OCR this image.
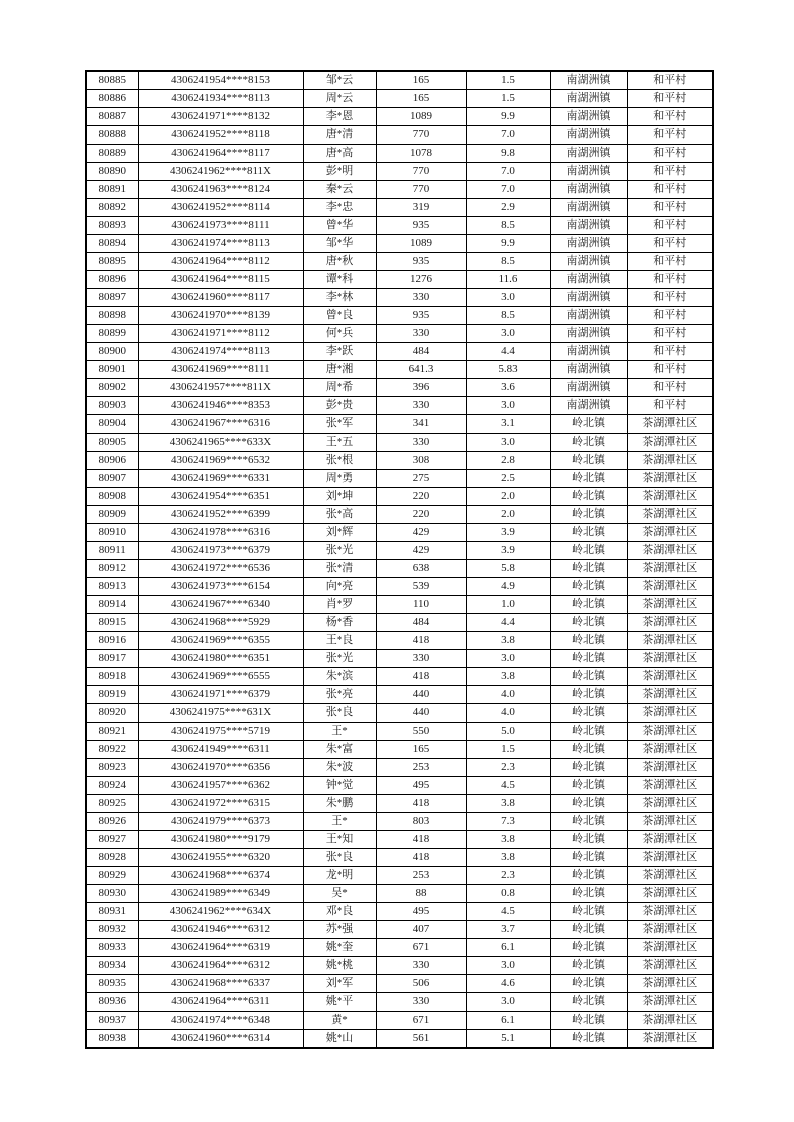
80885	4306241954****8153	邹*云	165	1.5	南湖洲镇	和平村
80886	4306241934****8113	周*云	165	1.5	南湖洲镇	和平村
80887	4306241971****8132	李*恩	1089	9.9	南湖洲镇	和平村
80888	4306241952****8118	唐*清	770	7.0	南湖洲镇	和平村
80889	4306241964****8117	唐*高	1078	9.8	南湖洲镇	和平村
80890	4306241962****811X	彭*明	770	7.0	南湖洲镇	和平村
80891	4306241963****8124	秦*云	770	7.0	南湖洲镇	和平村
80892	4306241952****8114	李*忠	319	2.9	南湖洲镇	和平村
80893	4306241973****8111	曾*华	935	8.5	南湖洲镇	和平村
80894	4306241974****8113	邹*华	1089	9.9	南湖洲镇	和平村
80895	4306241964****8112	唐*秋	935	8.5	南湖洲镇	和平村
80896	4306241964****8115	谭*科	1276	11.6	南湖洲镇	和平村
80897	4306241960****8117	李*林	330	3.0	南湖洲镇	和平村
80898	4306241970****8139	曾*良	935	8.5	南湖洲镇	和平村
80899	4306241971****8112	何*兵	330	3.0	南湖洲镇	和平村
80900	4306241974****8113	李*跃	484	4.4	南湖洲镇	和平村
80901	4306241969****8111	唐*湘	641.3	5.83	南湖洲镇	和平村
80902	4306241957****811X	周*希	396	3.6	南湖洲镇	和平村
80903	4306241946****8353	彭*贵	330	3.0	南湖洲镇	和平村
80904	4306241967****6316	张*军	341	3.1	岭北镇	茶湖潭社区
80905	4306241965****633X	王*五	330	3.0	岭北镇	茶湖潭社区
80906	4306241969****6532	张*根	308	2.8	岭北镇	茶湖潭社区
80907	4306241969****6331	周*勇	275	2.5	岭北镇	茶湖潭社区
80908	4306241954****6351	刘*坤	220	2.0	岭北镇	茶湖潭社区
80909	4306241952****6399	张*高	220	2.0	岭北镇	茶湖潭社区
80910	4306241978****6316	刘*辉	429	3.9	岭北镇	茶湖潭社区
80911	4306241973****6379	张*光	429	3.9	岭北镇	茶湖潭社区
80912	4306241972****6536	张*清	638	5.8	岭北镇	茶湖潭社区
80913	4306241973****6154	向*亮	539	4.9	岭北镇	茶湖潭社区
80914	4306241967****6340	肖*罗	110	1.0	岭北镇	茶湖潭社区
80915	4306241968****5929	杨*香	484	4.4	岭北镇	茶湖潭社区
80916	4306241969****6355	王*良	418	3.8	岭北镇	茶湖潭社区
80917	4306241980****6351	张*光	330	3.0	岭北镇	茶湖潭社区
80918	4306241969****6555	朱*滨	418	3.8	岭北镇	茶湖潭社区
80919	4306241971****6379	张*亮	440	4.0	岭北镇	茶湖潭社区
80920	4306241975****631X	张*良	440	4.0	岭北镇	茶湖潭社区
80921	4306241975****5719	王*	550	5.0	岭北镇	茶湖潭社区
80922	4306241949****6311	朱*富	165	1.5	岭北镇	茶湖潭社区
80923	4306241970****6356	朱*波	253	2.3	岭北镇	茶湖潭社区
80924	4306241957****6362	钟*觉	495	4.5	岭北镇	茶湖潭社区
80925	4306241972****6315	朱*鹏	418	3.8	岭北镇	茶湖潭社区
80926	4306241979****6373	王*	803	7.3	岭北镇	茶湖潭社区
80927	4306241980****9179	王*知	418	3.8	岭北镇	茶湖潭社区
80928	4306241955****6320	张*良	418	3.8	岭北镇	茶湖潭社区
80929	4306241968****6374	龙*明	253	2.3	岭北镇	茶湖潭社区
80930	4306241989****6349	吴*	88	0.8	岭北镇	茶湖潭社区
80931	4306241962****634X	邓*良	495	4.5	岭北镇	茶湖潭社区
80932	4306241946****6312	苏*强	407	3.7	岭北镇	茶湖潭社区
80933	4306241964****6319	姚*奎	671	6.1	岭北镇	茶湖潭社区
80934	4306241964****6312	姚*桃	330	3.0	岭北镇	茶湖潭社区
80935	4306241968****6337	刘*军	506	4.6	岭北镇	茶湖潭社区
80936	4306241964****6311	姚*平	330	3.0	岭北镇	茶湖潭社区
80937	4306241974****6348	黄*	671	6.1	岭北镇	茶湖潭社区
80938	4306241960****6314	姚*山	561	5.1	岭北镇	茶湖潭社区
